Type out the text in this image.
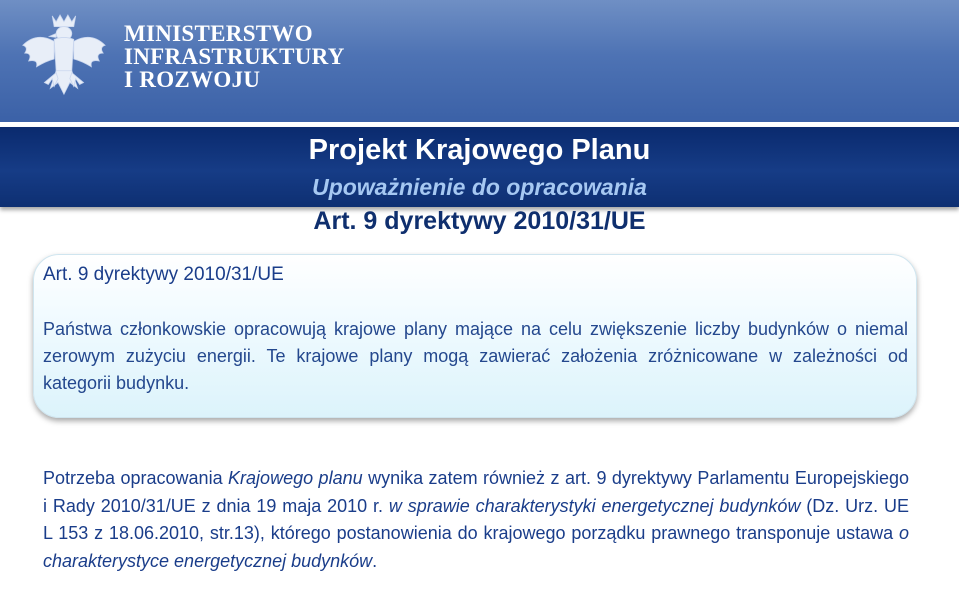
MINISTERSTWO
INFRASTRUKTURY
I ROZWOJU
Projekt Krajowego Planu
Upoważnienie do opracowania
Art. 9 dyrektywy 2010/31/UE
Art. 9 dyrektywy 2010/31/UE
Państwa członkowskie opracowują krajowe plany mające na celu zwiększenie liczby budynków o niemal zerowym zużyciu energii. Te krajowe plany mogą zawierać założenia zróżnicowane w zależności od kategorii budynku.
Potrzeba opracowania Krajowego planu wynika zatem również z art. 9 dyrektywy Parlamentu Europejskiego i Rady 2010/31/UE z dnia 19 maja 2010 r. w sprawie charakterystyki energetycznej budynków (Dz. Urz. UE L 153 z 18.06.2010, str.13), którego postanowienia do krajowego porządku prawnego transponuje ustawa o charakterystyce energetycznej budynków.
